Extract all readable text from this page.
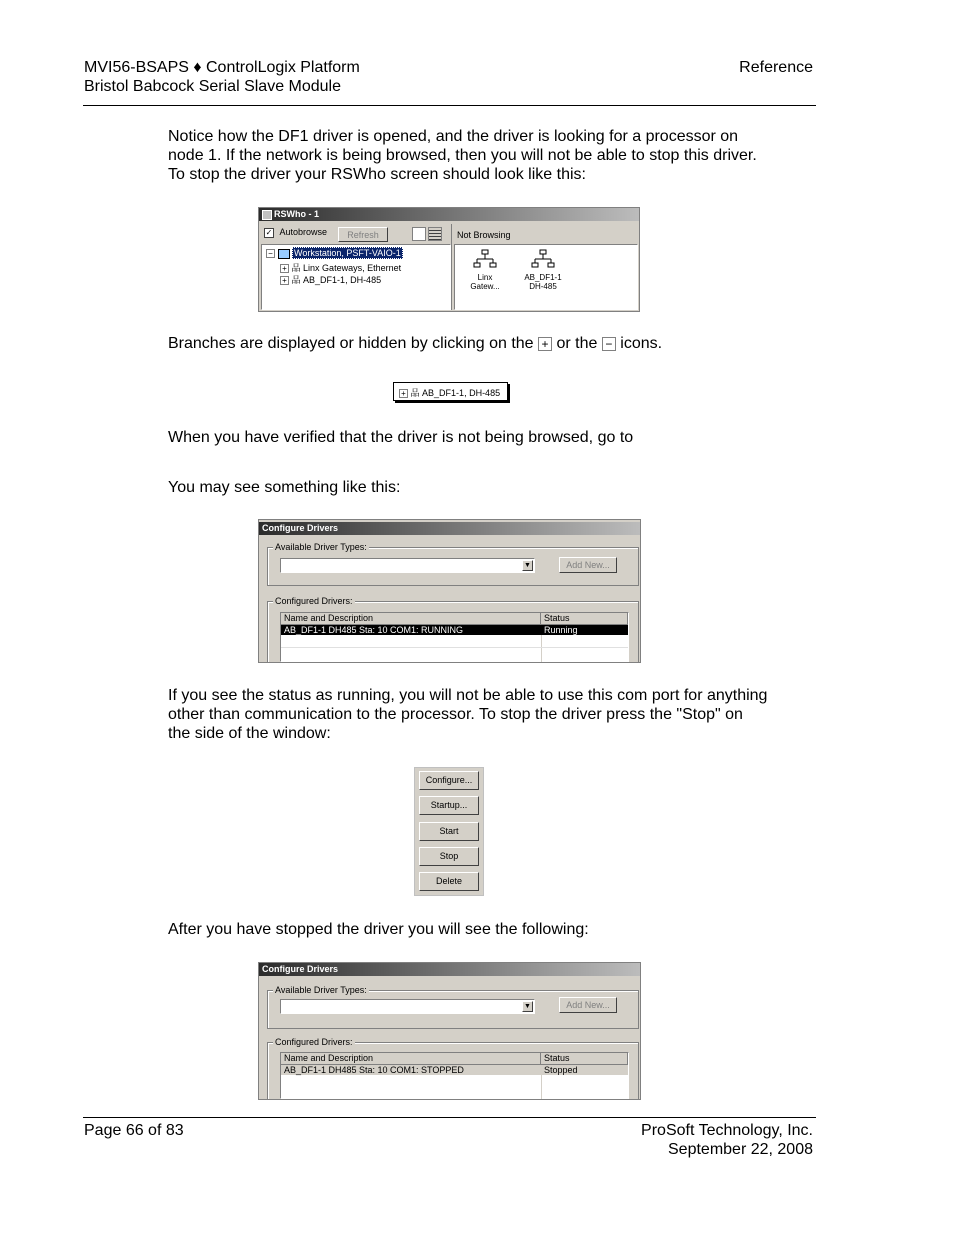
MVI56-BSAPS ♦ ControlLogix Platform
Bristol Babcock Serial Slave Module
Reference
Notice how the DF1 driver is opened, and the driver is looking for a processor on node 1. If the network is being browsed, then you will not be able to stop this driver. To stop the driver your RSWho screen should look like this:
RSWho - 1
✓ Autobrowse	Refresh	Not Browsing
− Workstation, PSFT-VAIO-1
+ 品 Linx Gateways, Ethernet
+ 品 AB_DF1-1, DH-485	Linx
Gatew...
AB_DF1-1
DH-485
Branches are displayed or hidden by clicking on the + or the − icons.
+ 品 AB_DF1-1, DH-485
When you have verified that the driver is not being browsed, go to
You may see something like this:
Configure Drivers
Available Driver Types:
▼	Add New...
Configured Drivers:
Name and Description	Status
AB_DF1-1 DH485 Sta: 10 COM1: RUNNING	Running
If you see the status as running, you will not be able to use this com port for anything other than communication to the processor. To stop the driver press the "Stop" on the side of the window:
Configure...
Startup...
Start
Stop
Delete
After you have stopped the driver you will see the following:
Configure Drivers
Available Driver Types:
▼	Add New...
Configured Drivers:
Name and Description	Status
AB_DF1-1 DH485 Sta: 10 COM1: STOPPED	Stopped
Page 66 of 83	ProSoft Technology, Inc.
September 22, 2008
